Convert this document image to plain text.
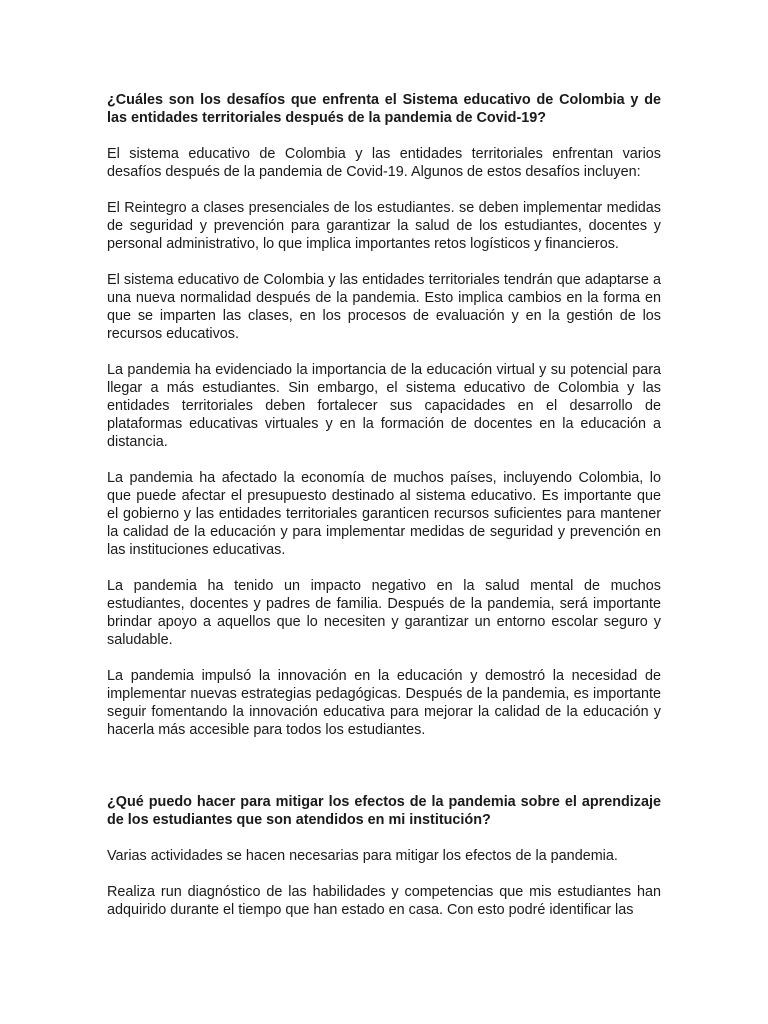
¿Cuáles son los desafíos que enfrenta el Sistema educativo de Colombia y de las entidades territoriales después de la pandemia de Covid-19?

El sistema educativo de Colombia y las entidades territoriales enfrentan varios desafíos después de la pandemia de Covid-19. Algunos de estos desafíos incluyen:

El Reintegro a clases presenciales de los estudiantes. se deben implementar medidas de seguridad y prevención para garantizar la salud de los estudiantes, docentes y personal administrativo, lo que implica importantes retos logísticos y financieros.

El sistema educativo de Colombia y las entidades territoriales tendrán que adaptarse a una nueva normalidad después de la pandemia. Esto implica cambios en la forma en que se imparten las clases, en los procesos de evaluación y en la gestión de los recursos educativos.

La pandemia ha evidenciado la importancia de la educación virtual y su potencial para llegar a más estudiantes. Sin embargo, el sistema educativo de Colombia y las entidades territoriales deben fortalecer sus capacidades en el desarrollo de plataformas educativas virtuales y en la formación de docentes en la educación a distancia.

La pandemia ha afectado la economía de muchos países, incluyendo Colombia, lo que puede afectar el presupuesto destinado al sistema educativo. Es importante que el gobierno y las entidades territoriales garanticen recursos suficientes para mantener la calidad de la educación y para implementar medidas de seguridad y prevención en las instituciones educativas.

La pandemia ha tenido un impacto negativo en la salud mental de muchos estudiantes, docentes y padres de familia. Después de la pandemia, será importante brindar apoyo a aquellos que lo necesiten y garantizar un entorno escolar seguro y saludable.

La pandemia impulsó la innovación en la educación y demostró la necesidad de implementar nuevas estrategias pedagógicas. Después de la pandemia, es importante seguir fomentando la innovación educativa para mejorar la calidad de la educación y hacerla más accesible para todos los estudiantes.

¿Qué puedo hacer para mitigar los efectos de la pandemia sobre el aprendizaje de los estudiantes que son atendidos en mi institución?

Varias actividades se hacen necesarias para mitigar los efectos de la pandemia.

Realiza run diagnóstico de las habilidades y competencias que mis estudiantes han adquirido durante el tiempo que han estado en casa. Con esto podré identificar las
